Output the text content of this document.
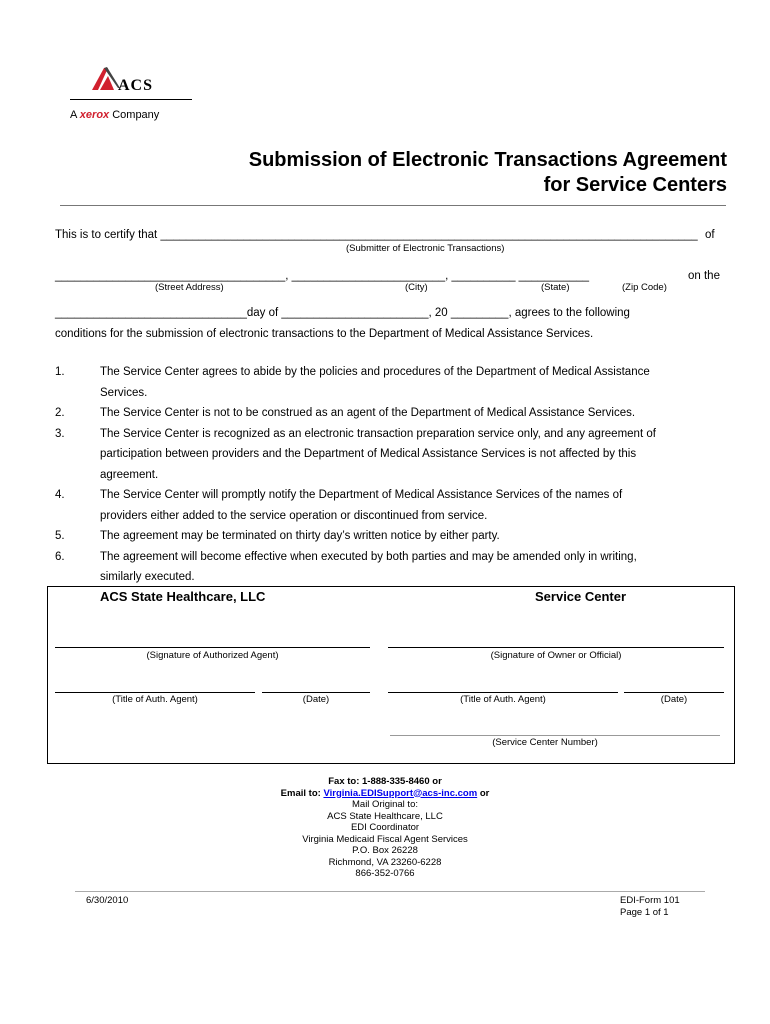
ACS
A xerox Company
Submission of Electronic Transactions Agreement
for Service Centers
This is to certify that ____________________________________________________________________________________ of
(Submitter of Electronic Transactions)
____________________________________, ________________________, __________ ___________	on the
(Street Address)	(City)	(State)	(Zip Code)
______________________________day of _______________________, 20 _________, agrees to the following
conditions for the submission of electronic transactions to the Department of Medical Assistance Services.
1.	The Service Center agrees to abide by the policies and procedures of the Department of Medical Assistance
Services.
2.	The Service Center is not to be construed as an agent of the Department of Medical Assistance Services.
3.	The Service Center is recognized as an electronic transaction preparation service only, and any agreement of
participation between providers and the Department of Medical Assistance Services is not affected by this
agreement.
4.	The Service Center will promptly notify the Department of Medical Assistance Services of the names of
providers either added to the service operation or discontinued from service.
5.	The agreement may be terminated on thirty day’s written notice by either party.
6.	The agreement will become effective when executed by both parties and may be amended only in writing,
similarly executed.
ACS State Healthcare, LLC	Service Center
(Signature of Authorized Agent)	(Signature of Owner or Official)
(Title of Auth. Agent)	(Date)	(Title of Auth. Agent)	(Date)
(Service Center Number)
Fax to: 1-888-335-8460 or
Email to: Virginia.EDISupport@acs-inc.com or
Mail Original to:
ACS State Healthcare, LLC
EDI Coordinator
Virginia Medicaid Fiscal Agent Services
P.O. Box 26228
Richmond, VA 23260-6228
866-352-0766
6/30/2010	EDI-Form 101
Page 1 of 1
